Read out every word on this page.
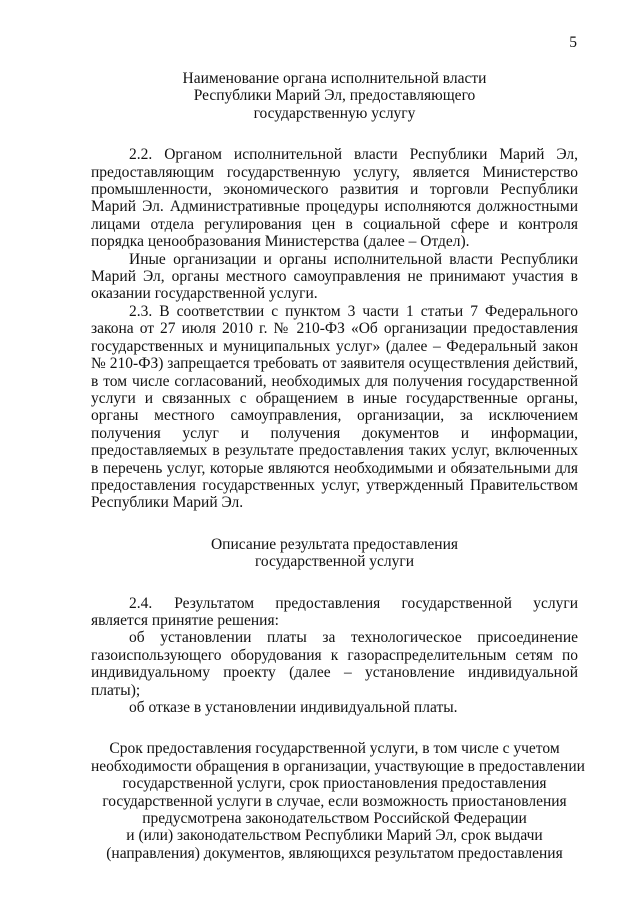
5
Наименование органа исполнительной власти
Республики Марий Эл, предоставляющего
государственную услугу

2.2. Органом исполнительной власти Республики Марий Эл, предоставляющим государственную услугу, является Министерство промышленности, экономического развития и торговли Республики Марий Эл. Административные процедуры исполняются должностными лицами отдела регулирования цен в социальной сфере и контроля порядка ценообразования Министерства (далее – Отдел).

Иные организации и органы исполнительной власти Республики Марий Эл, органы местного самоуправления не принимают участия в оказании государственной услуги.

2.3. В соответствии с пунктом 3 части 1 статьи 7 Федерального закона от 27 июля 2010 г. № 210-ФЗ «Об организации предоставления государственных и муниципальных услуг» (далее – Федеральный закон № 210-ФЗ) запрещается требовать от заявителя осуществления действий, в том числе согласований, необходимых для получения государственной услуги и связанных с обращением в иные государственные органы, органы местного самоуправления, организации, за исключением получения услуг и получения документов и информации, предоставляемых в результате предоставления таких услуг, включенных в перечень услуг, которые являются необходимыми и обязательными для предоставления государственных услуг, утвержденный Правительством Республики Марий Эл.

Описание результата предоставления
государственной услуги

2.4. Результатом предоставления государственной услуги является принятие решения:

об установлении платы за технологическое присоединение газоиспользующего оборудования к газораспределительным сетям по индивидуальному проекту (далее – установление индивидуальной платы);

об отказе в установлении индивидуальной платы.

Срок предоставления государственной услуги, в том числе с учетом
необходимости обращения в организации, участвующие в предоставлении
государственной услуги, срок приостановления предоставления
государственной услуги в случае, если возможность приостановления
предусмотрена законодательством Российской Федерации
и (или) законодательством Республики Марий Эл, срок выдачи
(направления) документов, являющихся результатом предоставления
